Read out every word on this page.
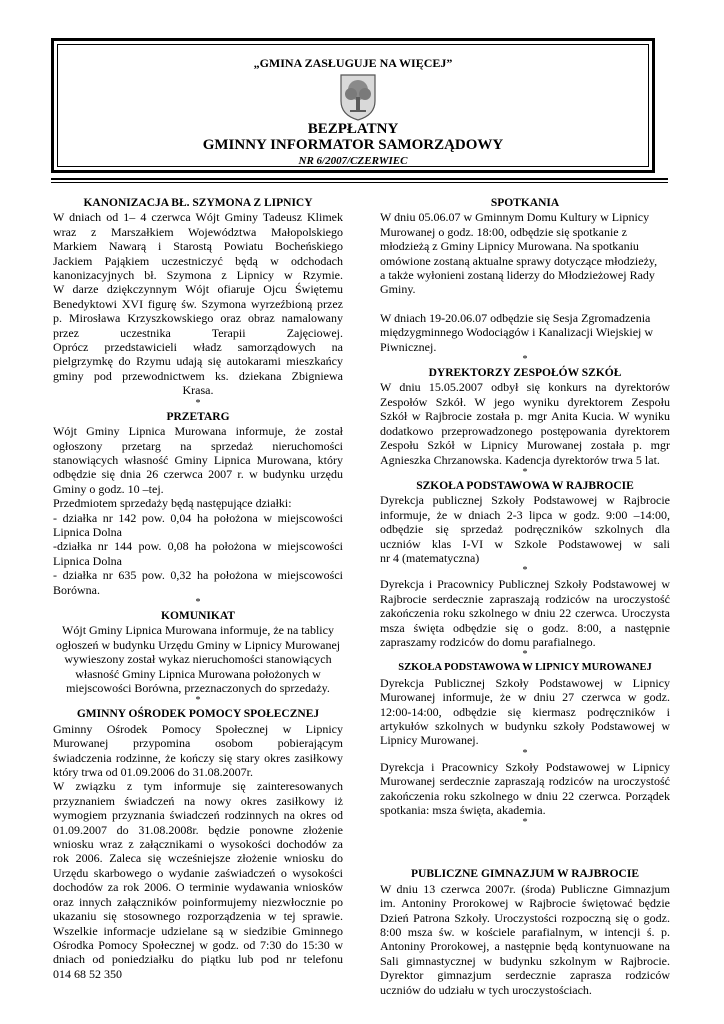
„GMINA ZASŁUGUJE NA WIĘCEJ”
BEZPŁATNY
GMINNY INFORMATOR SAMORZĄDOWY
NR 6/2007/CZERWIEC

KANONIZACJA BŁ. SZYMONA Z LIPNICY

W dniach od 1– 4 czerwca Wójt Gminy Tadeusz Klimek

wraz z Marszałkiem Województwa Małopolskiego

Markiem Nawarą i Starostą Powiatu Bocheńskiego

Jackiem Pająkiem uczestniczyć będą w odchodach

kanonizacyjnych bł. Szymona z Lipnicy w Rzymie.

W darze dziękczynnym Wójt ofiaruje Ojcu Świętemu

Benedyktowi XVI figurę św. Szymona wyrzeźbioną przez

p. Mirosława Krzyszkowskiego oraz obraz namalowany

przez uczestnika Terapii Zajęciowej.

Oprócz przedstawicieli władz samorządowych na

pielgrzymkę do Rzymu udają się autokarami mieszkańcy

gminy pod przewodnictwem ks. dziekana Zbigniewa

Krasa.

*

PRZETARG

Wójt Gminy Lipnica Murowana informuje, że został

ogłoszony przetarg na sprzedaż nieruchomości

stanowiących własność Gminy Lipnica Murowana, który

odbędzie się dnia 26 czerwca 2007 r. w budynku urzędu

Gminy o godz. 10 –tej.

Przedmiotem sprzedaży będą następujące działki:

- działka nr 142 pow. 0,04 ha położona w miejscowości

Lipnica Dolna

-działka nr 144 pow. 0,08 ha położona w miejscowości

Lipnica Dolna

- działka nr 635 pow. 0,32 ha położona w miejscowości

Borówna.

*

KOMUNIKAT

Wójt Gminy Lipnica Murowana informuje, że na tablicy

ogłoszeń w budynku Urzędu Gminy w Lipnicy Murowanej

wywieszony został wykaz nieruchomości stanowiących

własność Gminy Lipnica Murowana położonych w

miejscowości Borówna, przeznaczonych do sprzedaży.

*

GMINNY OŚRODEK POMOCY SPOŁECZNEJ

Gminny Ośrodek Pomocy Społecznej w Lipnicy

Murowanej przypomina osobom pobierającym

świadczenia rodzinne, że kończy się stary okres zasiłkowy

który trwa od 01.09.2006 do 31.08.2007r.

W związku z tym informuje się zainteresowanych

przyznaniem świadczeń na nowy okres zasiłkowy iż

wymogiem przyznania świadczeń rodzinnych na okres od

01.09.2007 do 31.08.2008r. będzie ponowne złożenie

wniosku wraz z załącznikami o wysokości dochodów za

rok 2006. Zaleca się wcześniejsze złożenie wniosku do

Urzędu skarbowego o wydanie zaświadczeń o wysokości

dochodów za rok 2006. O terminie wydawania wniosków

oraz innych załączników poinformujemy niezwłocznie po

ukazaniu się stosownego rozporządzenia w tej sprawie.

Wszelkie informacje udzielane są w siedzibie Gminnego

Ośrodka Pomocy Społecznej w godz. od 7:30 do 15:30 w

dniach od poniedziałku do piątku lub pod nr telefonu

014 68 52 350

SPOTKANIA

W dniu 05.06.07 w Gminnym Domu Kultury w Lipnicy

Murowanej o godz. 18:00, odbędzie się spotkanie z

młodzieżą z Gminy Lipnicy Murowana. Na spotkaniu

omówione zostaną aktualne sprawy dotyczące młodzieży,

a także wyłonieni zostaną liderzy do Młodzieżowej Rady

Gminy.

W dniach 19-20.06.07 odbędzie się Sesja Zgromadzenia

międzygminnego Wodociągów i Kanalizacji Wiejskiej w

Piwnicznej.

*

DYREKTORZY ZESPOŁÓW SZKÓŁ

W dniu 15.05.2007 odbył się konkurs na dyrektorów

Zespołów Szkół. W jego wyniku dyrektorem Zespołu

Szkół w Rajbrocie została p. mgr Anita Kucia. W wyniku

dodatkowo przeprowadzonego postępowania dyrektorem

Zespołu Szkół w Lipnicy Murowanej została p. mgr

Agnieszka Chrzanowska. Kadencja dyrektorów trwa 5 lat.

*

SZKOŁA PODSTAWOWA W RAJBROCIE

Dyrekcja publicznej Szkoły Podstawowej w Rajbrocie

informuje, że w dniach 2-3 lipca w godz. 9:00 –14:00,

odbędzie się sprzedaż podręczników szkolnych dla

uczniów klas I-VI w Szkole Podstawowej w sali

nr 4 (matematyczna)

*

Dyrekcja i Pracownicy Publicznej Szkoły Podstawowej w

Rajbrocie serdecznie zapraszają rodziców na uroczystość

zakończenia roku szkolnego w dniu 22 czerwca. Uroczysta

msza święta odbędzie się o godz. 8:00, a następnie

zapraszamy rodziców do domu parafialnego.

*

SZKOŁA PODSTAWOWA W LIPNICY MUROWANEJ

Dyrekcja Publicznej Szkoły Podstawowej w Lipnicy

Murowanej informuje, że w dniu 27 czerwca w godz.

12:00-14:00, odbędzie się kiermasz podręczników i

artykułów szkolnych w budynku szkoły Podstawowej w

Lipnicy Murowanej.

*

Dyrekcja i Pracownicy Szkoły Podstawowej w Lipnicy

Murowanej serdecznie zapraszają rodziców na uroczystość

zakończenia roku szkolnego w dniu 22 czerwca. Porządek

spotkania: msza święta, akademia.

*

PUBLICZNE GIMNAZJUM W RAJBROCIE

W dniu 13 czerwca 2007r. (środa) Publiczne Gimnazjum

im. Antoniny Prorokowej w Rajbrocie świętować będzie

Dzień Patrona Szkoły. Uroczystości rozpoczną się o godz.

8:00 msza św. w kościele parafialnym, w intencji ś. p.

Antoniny Prorokowej, a następnie będą kontynuowane na

Sali gimnastycznej w budynku szkolnym w Rajbrocie.

Dyrektor gimnazjum serdecznie zaprasza rodziców

uczniów do udziału w tych uroczystościach.
